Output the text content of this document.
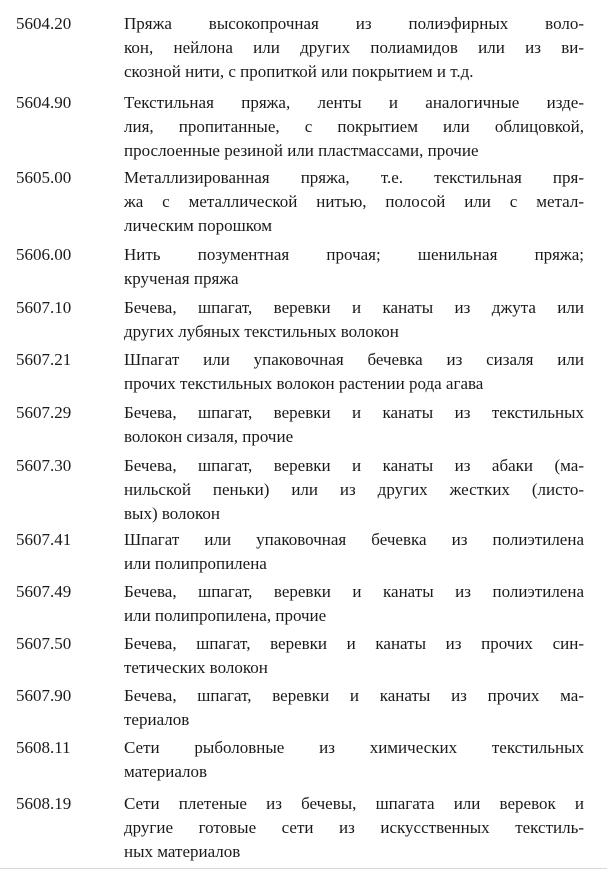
5604.20	Пряжа высокопрочная из полиэфирных воло-
кон, нейлона или других полиамидов или из ви-
скозной нити, с пропиткой или покрытием и т.д.
5604.90	Текстильная пряжа, ленты и аналогичные изде-
лия, пропитанные, с покрытием или облицовкой,
прослоенные резиной или пластмассами, прочие
5605.00	Металлизированная пряжа, т.е. текстильная пря-
жа с металлической нитью, полосой или с метал-
лическим порошком
5606.00	Нить позументная прочая; шенильная пряжа;
крученая пряжа
5607.10	Бечева, шпагат, веревки и канаты из джута или
других лубяных текстильных волокон
5607.21	Шпагат или упаковочная бечевка из сизаля или
прочих текстильных волокон растении рода агава
5607.29	Бечева, шпагат, веревки и канаты из текстильных
волокон сизаля, прочие
5607.30	Бечева, шпагат, веревки и канаты из абаки (ма-
нильской пеньки) или из других жестких (листо-
вых) волокон
5607.41	Шпагат или упаковочная бечевка из полиэтилена
или полипропилена
5607.49	Бечева, шпагат, веревки и канаты из полиэтилена
или полипропилена, прочие
5607.50	Бечева, шпагат, веревки и канаты из прочих син-
тетических волокон
5607.90	Бечева, шпагат, веревки и канаты из прочих ма-
териалов
5608.11	Сети рыболовные из химических текстильных
материалов
5608.19	Сети плетеные из бечевы, шпагата или веревок и
другие готовые сети из искусственных текстиль-
ных материалов
